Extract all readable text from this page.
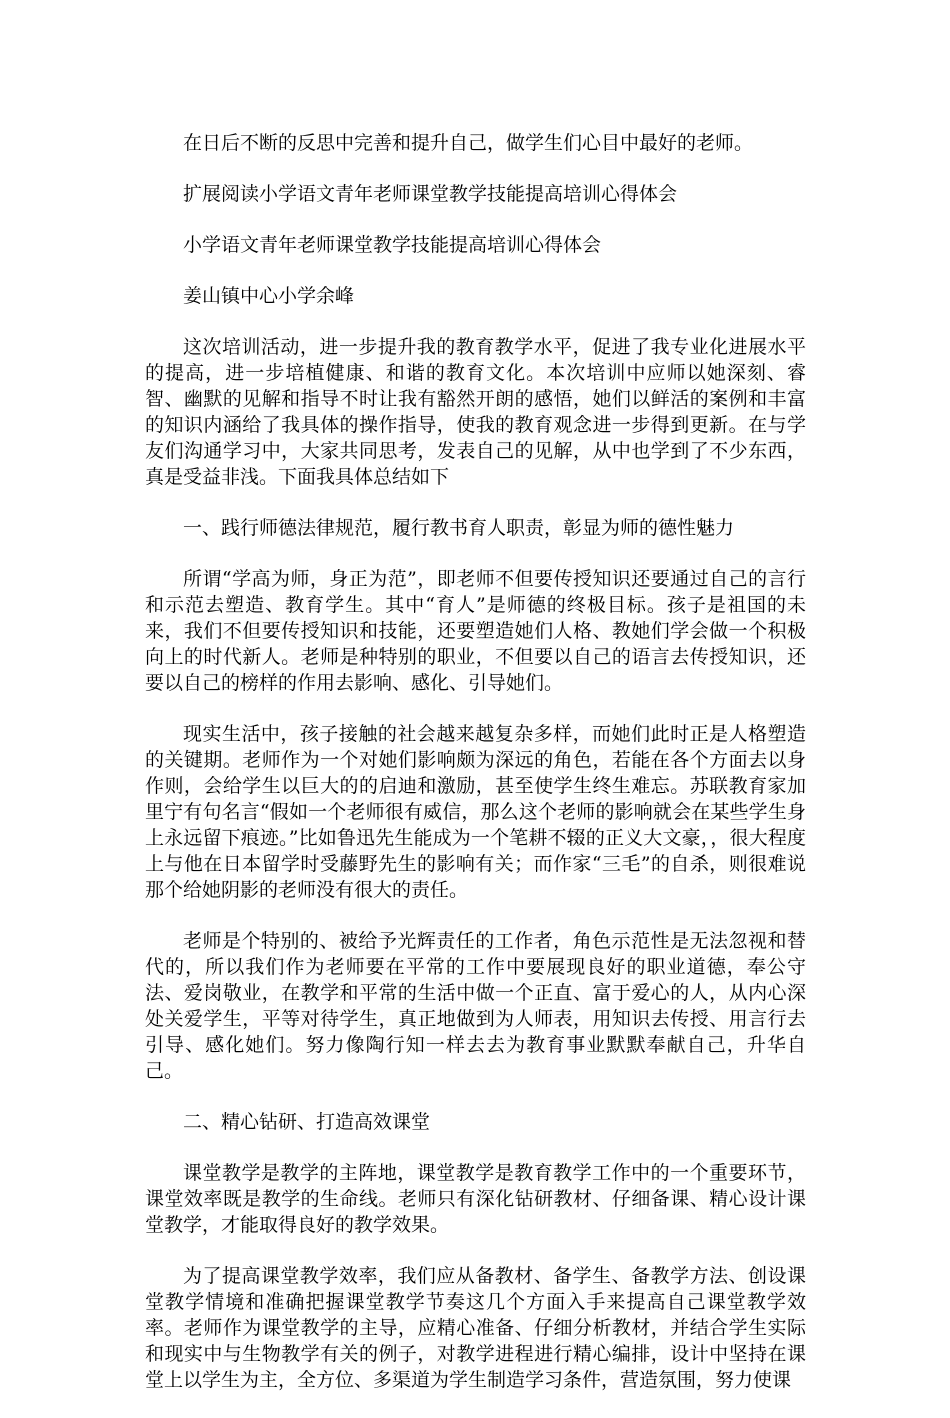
在日后不断的反思中完善和提升自己，做学生们心目中最好的老师。

扩展阅读小学语文青年老师课堂教学技能提高培训心得体会

小学语文青年老师课堂教学技能提高培训心得体会

姜山镇中心小学余峰

这次培训活动，进一步提升我的教育教学水平，促进了我专业化进展水平的提高，进一步培植健康、和谐的教育文化。本次培训中应师以她深刻、睿智、幽默的见解和指导不时让我有豁然开朗的感悟，她们以鲜活的案例和丰富的知识内涵给了我具体的操作指导，使我的教育观念进一步得到更新。在与学友们沟通学习中，大家共同思考，发表自己的见解，从中也学到了不少东西，真是受益非浅。下面我具体总结如下

一、践行师德法律规范，履行教书育人职责，彰显为师的德性魅力

所谓“学高为师，身正为范”，即老师不但要传授知识还要通过自己的言行和示范去塑造、教育学生。其中“育人”是师德的终极目标。孩子是祖国的未来，我们不但要传授知识和技能，还要塑造她们人格、教她们学会做一个积极向上的时代新人。老师是种特别的职业，不但要以自己的语言去传授知识，还要以自己的榜样的作用去影响、感化、引导她们。

现实生活中，孩子接触的社会越来越复杂多样，而她们此时正是人格塑造的关键期。老师作为一个对她们影响颇为深远的角色，若能在各个方面去以身作则，会给学生以巨大的的启迪和激励，甚至使学生终生难忘。苏联教育家加里宁有句名言“假如一个老师很有威信，那么这个老师的影响就会在某些学生身上永远留下痕迹。”比如鲁迅先生能成为一个笔耕不辍的正义大文豪，，很大程度上与他在日本留学时受藤野先生的影响有关；而作家“三毛”的自杀，则很难说那个给她阴影的老师没有很大的责任。

老师是个特别的、被给予光辉责任的工作者，角色示范性是无法忽视和替代的，所以我们作为老师要在平常的工作中要展现良好的职业道德，奉公守法、爱岗敬业，在教学和平常的生活中做一个正直、富于爱心的人，从内心深处关爱学生，平等对待学生，真正地做到为人师表，用知识去传授、用言行去引导、感化她们。努力像陶行知一样去去为教育事业默默奉献自己，升华自己。

二、精心钻研、打造高效课堂

课堂教学是教学的主阵地，课堂教学是教育教学工作中的一个重要环节，课堂效率既是教学的生命线。老师只有深化钻研教材、仔细备课、精心设计课堂教学，才能取得良好的教学效果。

为了提高课堂教学效率，我们应从备教材、备学生、备教学方法、创设课堂教学情境和准确把握课堂教学节奏这几个方面入手来提高自己课堂教学效率。老师作为课堂教学的主导，应精心准备、仔细分析教材，并结合学生实际和现实中与生物教学有关的例子，对教学进程进行精心编排，设计中坚持在课堂上以学生为主，全方位、多渠道为学生制造学习条件，营造氛围，努力使课
